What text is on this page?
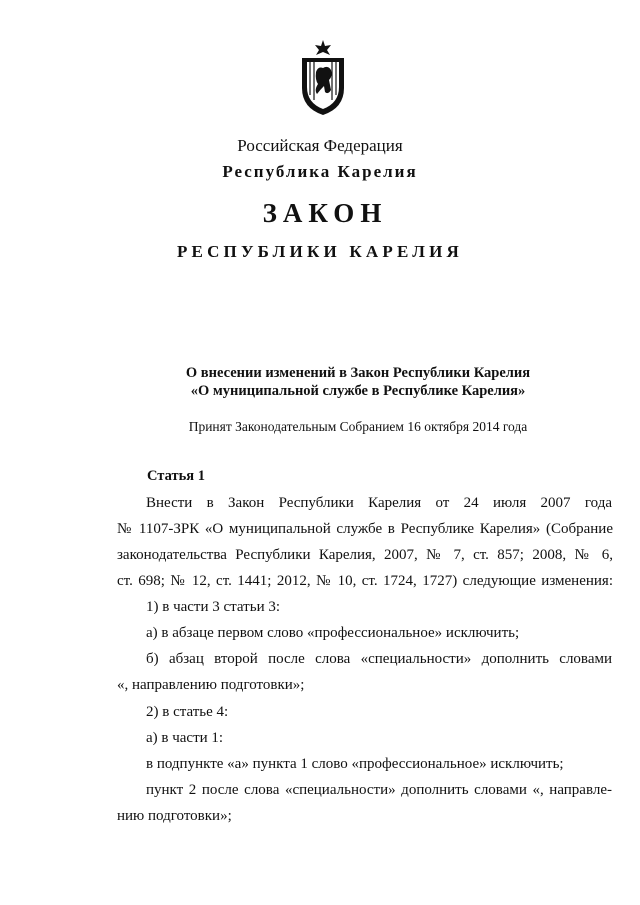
Российская Федерация
Республика Карелия
ЗАКОН
РЕСПУБЛИКИ КАРЕЛИЯ
О внесении изменений в Закон Республики Карелия
«О муниципальной службе в Республике Карелия»
Принят Законодательным Собранием 16 октября 2014 года
Статья 1
Внести в Закон Республики Карелия от 24 июля 2007 года
№ 1107-ЗРК «О муниципальной службе в Республике Карелия» (Собрание
законодательства Республики Карелия, 2007, № 7, ст. 857; 2008, № 6,
ст. 698; № 12, ст. 1441; 2012, № 10, ст. 1724, 1727) следующие изменения:
1) в части 3 статьи 3:
а) в абзаце первом слово «профессиональное» исключить;
б) абзац второй после слова «специальности» дополнить словами
«, направлению подготовки»;
2) в статье 4:
а) в части 1:
в подпункте «а» пункта 1 слово «профессиональное» исключить;
пункт 2 после слова «специальности» дополнить словами «, направле-
нию подготовки»;
